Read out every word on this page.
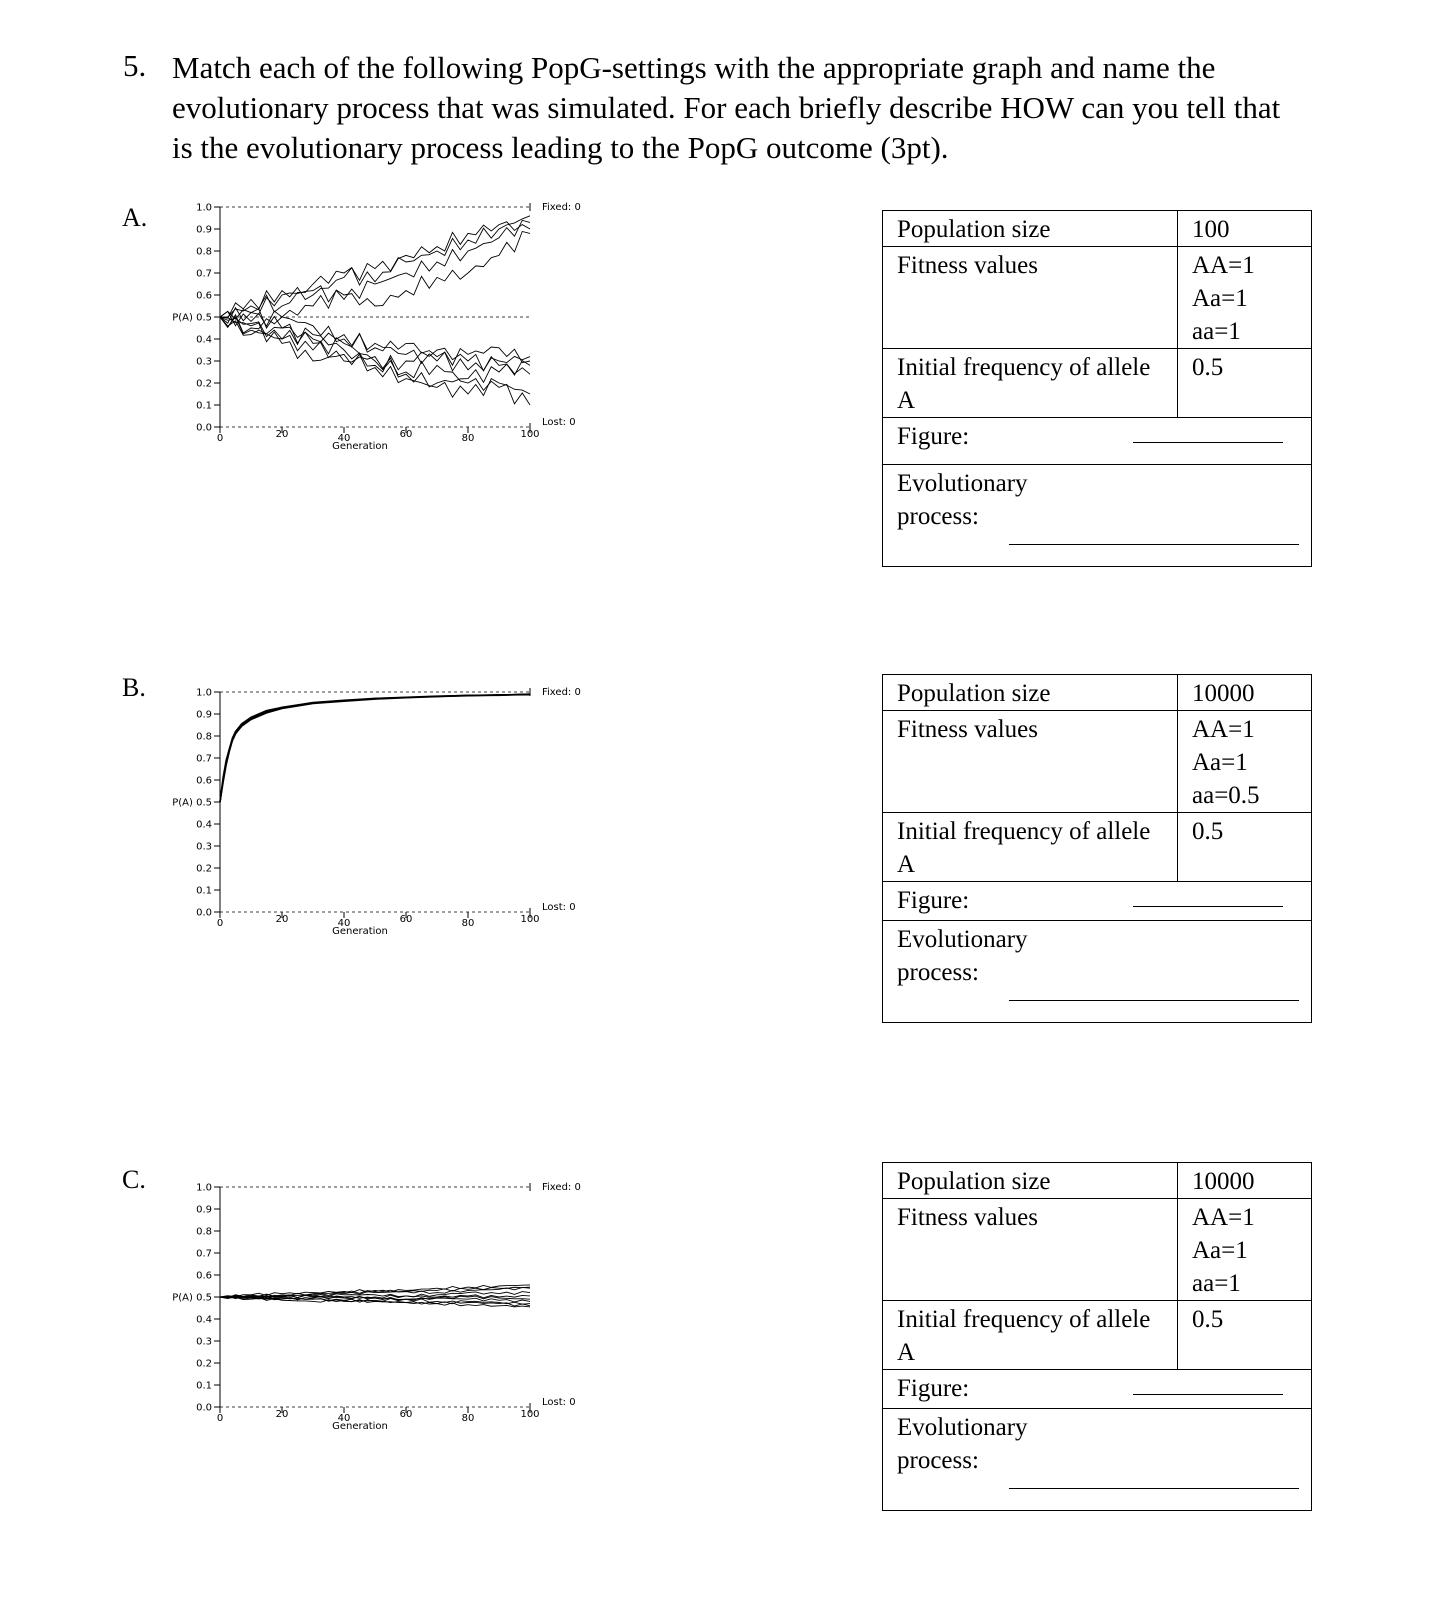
5. Match each of the following PopG-settings with the appropriate graph and name the evolutionary process that was simulated. For each briefly describe HOW can you tell that is the evolutionary process leading to the PopG outcome (3pt).
A.
0.0
0.1
0.2
0.3
0.4
P(A) 0.5
0.6
0.7
0.8
0.9
1.0
0	20	40	60	80	100
Generation
Fixed: 0
Lost: 0
Population size	100
Fitness values	AA=1
Aa=1
aa=1

Initial frequency of allele A	0.5
Figure:	

Evolutionary process:	
B.
0.0
0.1
0.2
0.3
0.4
P(A) 0.5
0.6
0.7
0.8
0.9
1.0
0	20	40	60	80	100
Generation
Fixed: 0
Lost: 0
Population size	10000
Fitness values	AA=1
Aa=1
aa=0.5

Initial frequency of allele A	0.5
Figure:	

Evolutionary process:	
C.
0.0
0.1
0.2
0.3
0.4
P(A) 0.5
0.6
0.7
0.8
0.9
1.0
0	20	40	60	80	100
Generation
Fixed: 0
Lost: 0
Population size	10000
Fitness values	AA=1
Aa=1
aa=1

Initial frequency of allele A	0.5
Figure:	

Evolutionary process:	
